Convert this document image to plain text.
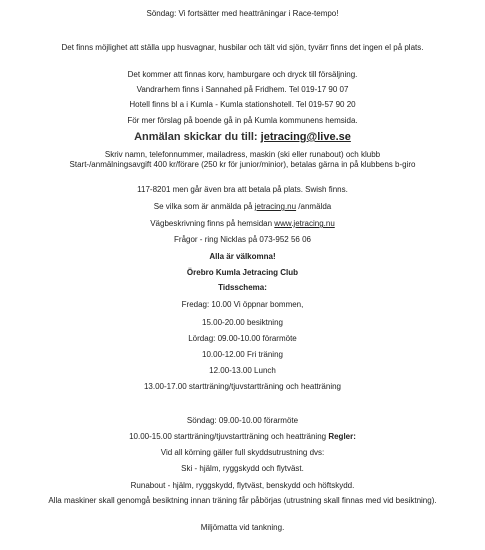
Söndag: Vi fortsätter med heatträningar i Race-tempo!
Det finns möjlighet att ställa upp husvagnar, husbilar och tält vid sjön, tyvärr finns det ingen el på plats.
Det kommer att finnas korv, hamburgare och dryck till försäljning.
Vandrarhem finns i Sannahed på Fridhem. Tel 019-17 90 07
Hotell finns bl a i Kumla - Kumla stationshotell. Tel 019-57 90 20
För mer förslag på boende gå in på Kumla kommunens hemsida.
Anmälan skickar du till: jetracing@live.se
Skriv namn, telefonnummer, mailadress, maskin (ski eller runabout) och klubb
Start-/anmälningsavgift 400 kr/förare (250 kr för junior/minior), betalas gärna in på klubbens b-giro
117-8201 men går även bra att betala på plats. Swish finns.
Se vilka som är anmälda på jetracing.nu /anmälda
Vägbeskrivning finns på hemsidan www.jetracing.nu
Frågor - ring Nicklas på 073-952 56 06
Alla är välkomna!
Örebro Kumla Jetracing Club
Tidsschema:
Fredag: 10.00 Vi öppnar bommen,
15.00-20.00 besiktning
Lördag: 09.00-10.00 förarmöte
10.00-12.00 Fri träning
12.00-13.00 Lunch
13.00-17.00 startträning/tjuvstartträning och heatträning
Söndag: 09.00-10.00 förarmöte
10.00-15.00 startträning/tjuvstartträning och heatträning Regler:
Vid all körning gäller full skyddsutrustning dvs:
Ski - hjälm, ryggskydd och flytväst.
Runabout - hjälm, ryggskydd, flytväst, benskydd och höftskydd.
Alla maskiner skall genomgå besiktning innan träning får påbörjas (utrustning skall finnas med vid besiktning).
Miljömatta vid tankning.
